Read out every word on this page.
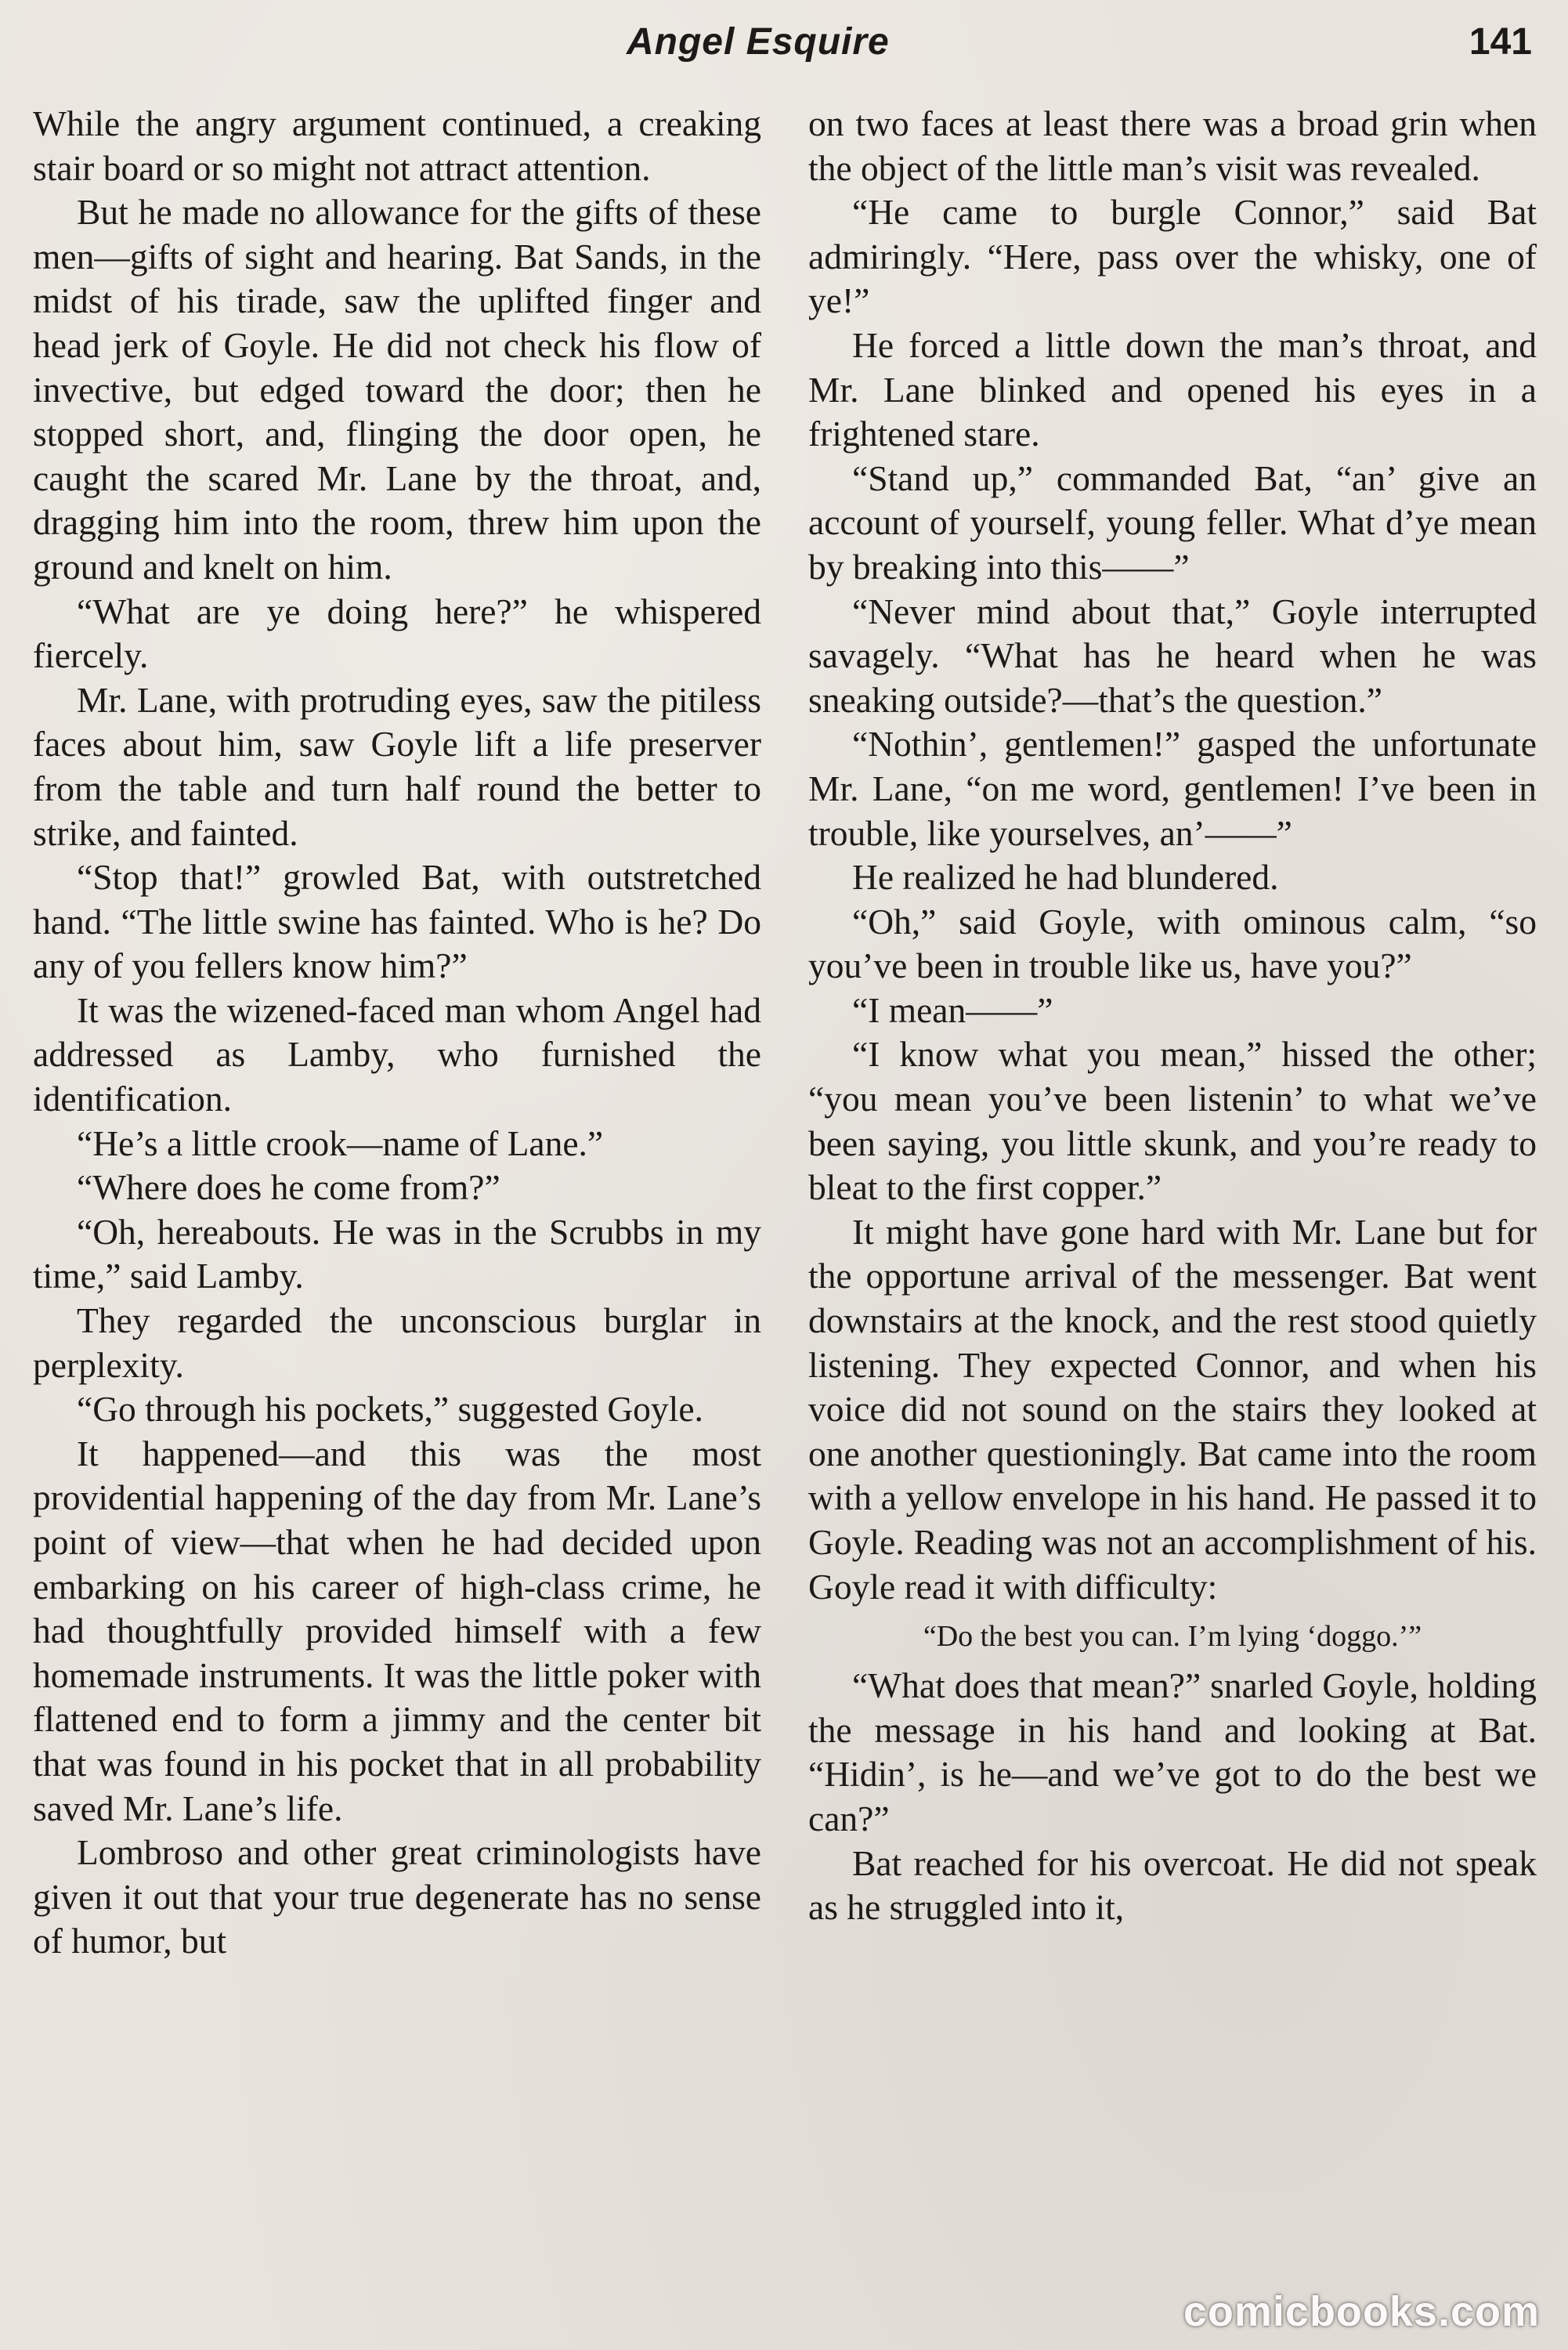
Angel Esquire	141

While the angry argument continued, a creaking stair board or so might not attract attention.

But he made no allowance for the gifts of these men—gifts of sight and hearing. Bat Sands, in the midst of his tirade, saw the uplifted finger and head jerk of Goyle. He did not check his flow of invective, but edged toward the door; then he stopped short, and, flinging the door open, he caught the scared Mr. Lane by the throat, and, dragging him into the room, threw him upon the ground and knelt on him.

“What are ye doing here?” he whispered fiercely.

Mr. Lane, with protruding eyes, saw the pitiless faces about him, saw Goyle lift a life preserver from the table and turn half round the better to strike, and fainted.

“Stop that!” growled Bat, with outstretched hand. “The little swine has fainted. Who is he? Do any of you fellers know him?”

It was the wizened-faced man whom Angel had addressed as Lamby, who furnished the identification.

“He’s a little crook—name of Lane.”

“Where does he come from?”

“Oh, hereabouts. He was in the Scrubbs in my time,” said Lamby.

They regarded the unconscious burglar in perplexity.

“Go through his pockets,” suggested Goyle.

It happened—and this was the most providential happening of the day from Mr. Lane’s point of view—that when he had decided upon embarking on his career of high-class crime, he had thoughtfully provided himself with a few homemade instruments. It was the little poker with flattened end to form a jimmy and the center bit that was found in his pocket that in all probability saved Mr. Lane’s life.

Lombroso and other great criminologists have given it out that your true degenerate has no sense of humor, but

on two faces at least there was a broad grin when the object of the little man’s visit was revealed.

“He came to burgle Connor,” said Bat admiringly. “Here, pass over the whisky, one of ye!”

He forced a little down the man’s throat, and Mr. Lane blinked and opened his eyes in a frightened stare.

“Stand up,” commanded Bat, “an’ give an account of yourself, young feller. What d’ye mean by breaking into this——”

“Never mind about that,” Goyle interrupted savagely. “What has he heard when he was sneaking outside?—that’s the question.”

“Nothin’, gentlemen!” gasped the unfortunate Mr. Lane, “on me word, gentlemen! I’ve been in trouble, like yourselves, an’——”

He realized he had blundered.

“Oh,” said Goyle, with ominous calm, “so you’ve been in trouble like us, have you?”

“I mean——”

“I know what you mean,” hissed the other; “you mean you’ve been listenin’ to what we’ve been saying, you little skunk, and you’re ready to bleat to the first copper.”

It might have gone hard with Mr. Lane but for the opportune arrival of the messenger. Bat went downstairs at the knock, and the rest stood quietly listening. They expected Connor, and when his voice did not sound on the stairs they looked at one another questioningly. Bat came into the room with a yellow envelope in his hand. He passed it to Goyle. Reading was not an accomplishment of his. Goyle read it with difficulty:

“Do the best you can. I’m lying ‘doggo.’”

“What does that mean?” snarled Goyle, holding the message in his hand and looking at Bat. “Hidin’, is he—and we’ve got to do the best we can?”

Bat reached for his overcoat. He did not speak as he struggled into it,

comicbooks.com
